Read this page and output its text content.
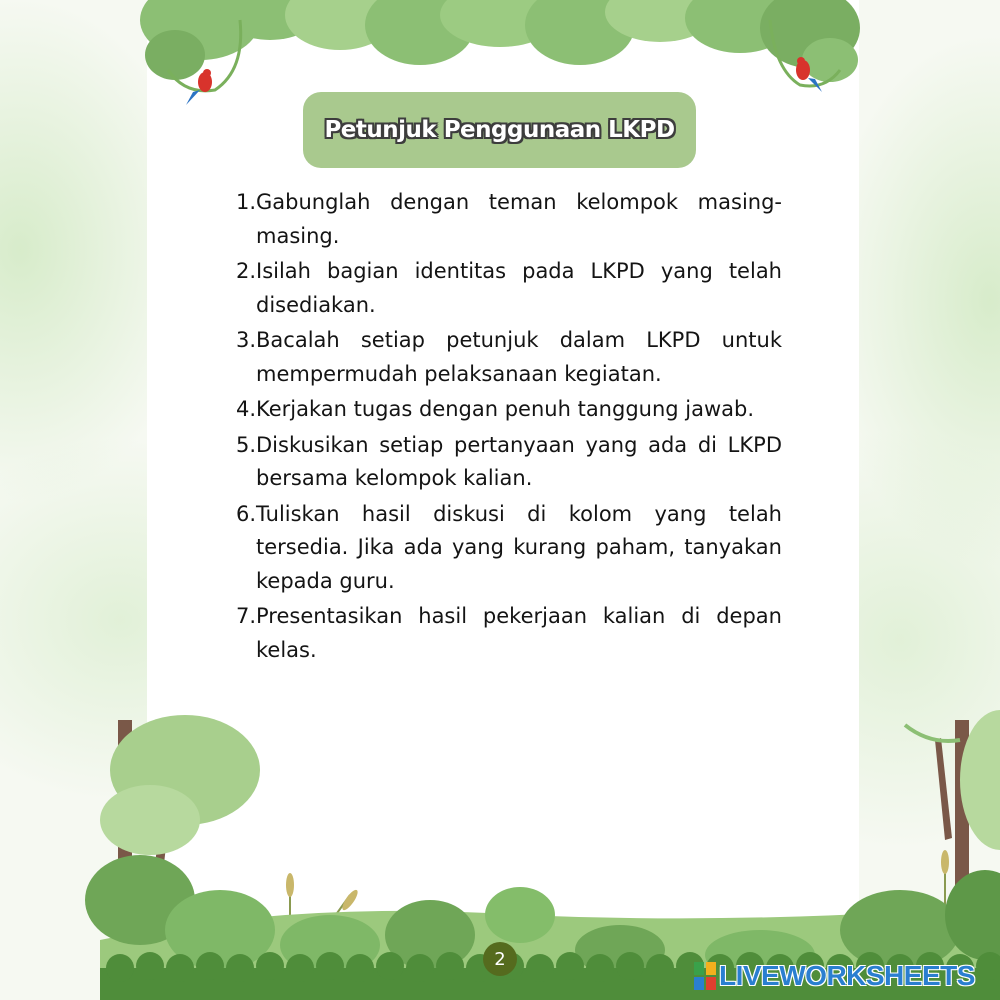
Petunjuk Penggunaan LKPD
1. Gabunglah dengan teman kelompok masing-masing.
2. Isilah bagian identitas pada LKPD yang telah disediakan.
3. Bacalah setiap petunjuk dalam LKPD untuk mempermudah pelaksanaan kegiatan.
4. Kerjakan tugas dengan penuh tanggung jawab.
5. Diskusikan setiap pertanyaan yang ada di LKPD bersama kelompok kalian.
6. Tuliskan hasil diskusi di kolom yang telah tersedia. Jika ada yang kurang paham, tanyakan kepada guru.
7. Presentasikan hasil pekerjaan kalian di depan kelas.
2
LIVEWORKSHEETS
